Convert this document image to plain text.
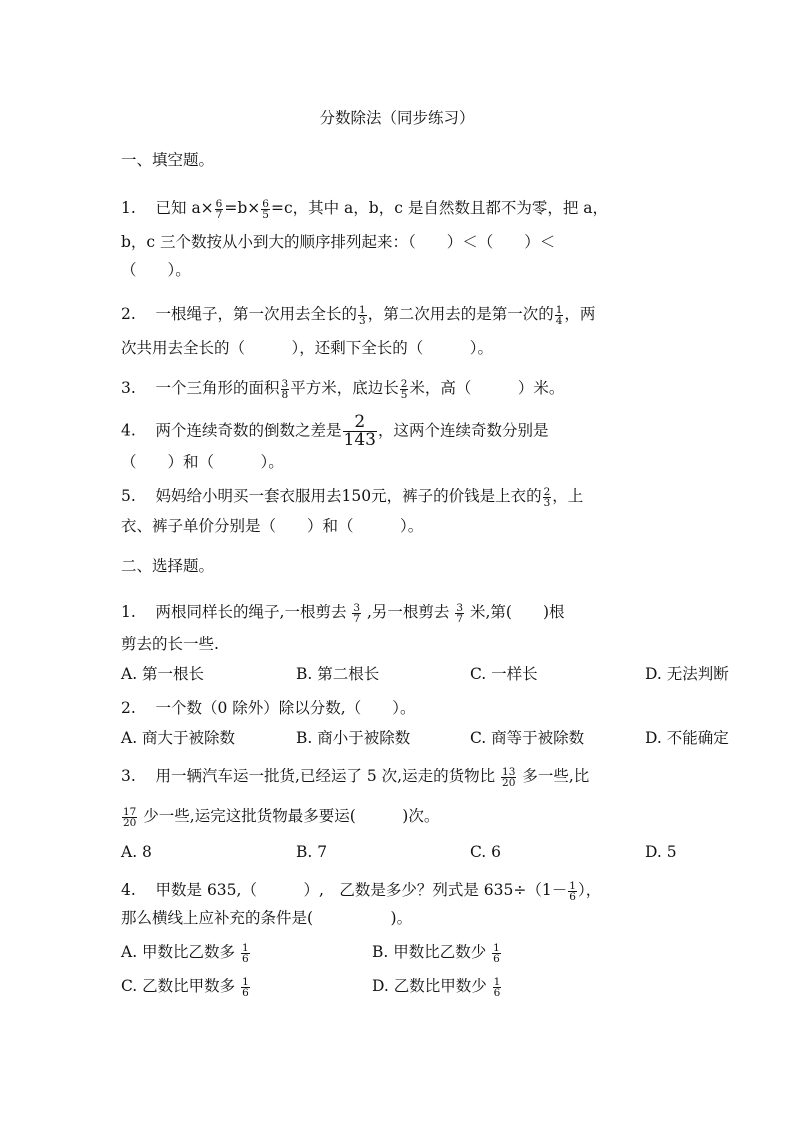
分数除法（同步练习）
一、填空题。
1. 已知 $a\times \frac{6}{7} =b\times \frac{6}{5} =c$，其中 a，b，c 是自然数且都不为零，把 a，
b，c 三个数按从小到大的顺序排列起来：（　　）＜（　　）＜
（　　）。
2. 一根绳子，第一次用去全长的 $\frac{1}{3}$ ，第二次用去的是第一次的 $\frac{1}{4}$ ，两
次共用去全长的（　　　），还剩下全长的（　　　）。
3. 一个三角形的面积 $\frac{3}{8}$ 平方米，底边长 $\frac{2}{5}$ 米，高（　　　）米。
4. 两个连续奇数的倒数之差是 $\frac{2}{143}$ ，这两个连续奇数分别是
（　　）和（　　　）。
5. 妈妈给小明买一套衣服用去150元，裤子的价钱是上衣的 $\frac{2}{3}$ ，上
衣、裤子单价分别是（　　）和（　　　）。
二、选择题。
1. 两根同样长的绳子,一根剪去 $\frac{3}{7}$ ,另一根剪去 $\frac{3}{7}$ 米,第(　　)根
剪去的长一些.
A. 第一根长	B. 第二根长	C. 一样长	D. 无法判断
2. 一个数（0 除外）除以分数,（　　）。
A. 商大于被除数	B. 商小于被除数	C. 商等于被除数	D. 不能确定
3. 用一辆汽车运一批货,已经运了 5 次,运走的货物比 $\frac{13}{20}$ 多一些,比
$\frac{17}{20}$ 少一些,运完这批货物最多要运(　　　)次。
A. 8	B. 7	C. 6	D. 5
4. 甲数是 635,（　　　）,　乙数是多少？列式是 $635\div(1- \frac{1}{6}$ ），
那么横线上应补充的条件是(　　　　　)。
A. 甲数比乙数多 $\frac{1}{6}$	B. 甲数比乙数少 $\frac{1}{6}$
C. 乙数比甲数多 $\frac{1}{6}$	D. 乙数比甲数少 $\frac{1}{6}$
